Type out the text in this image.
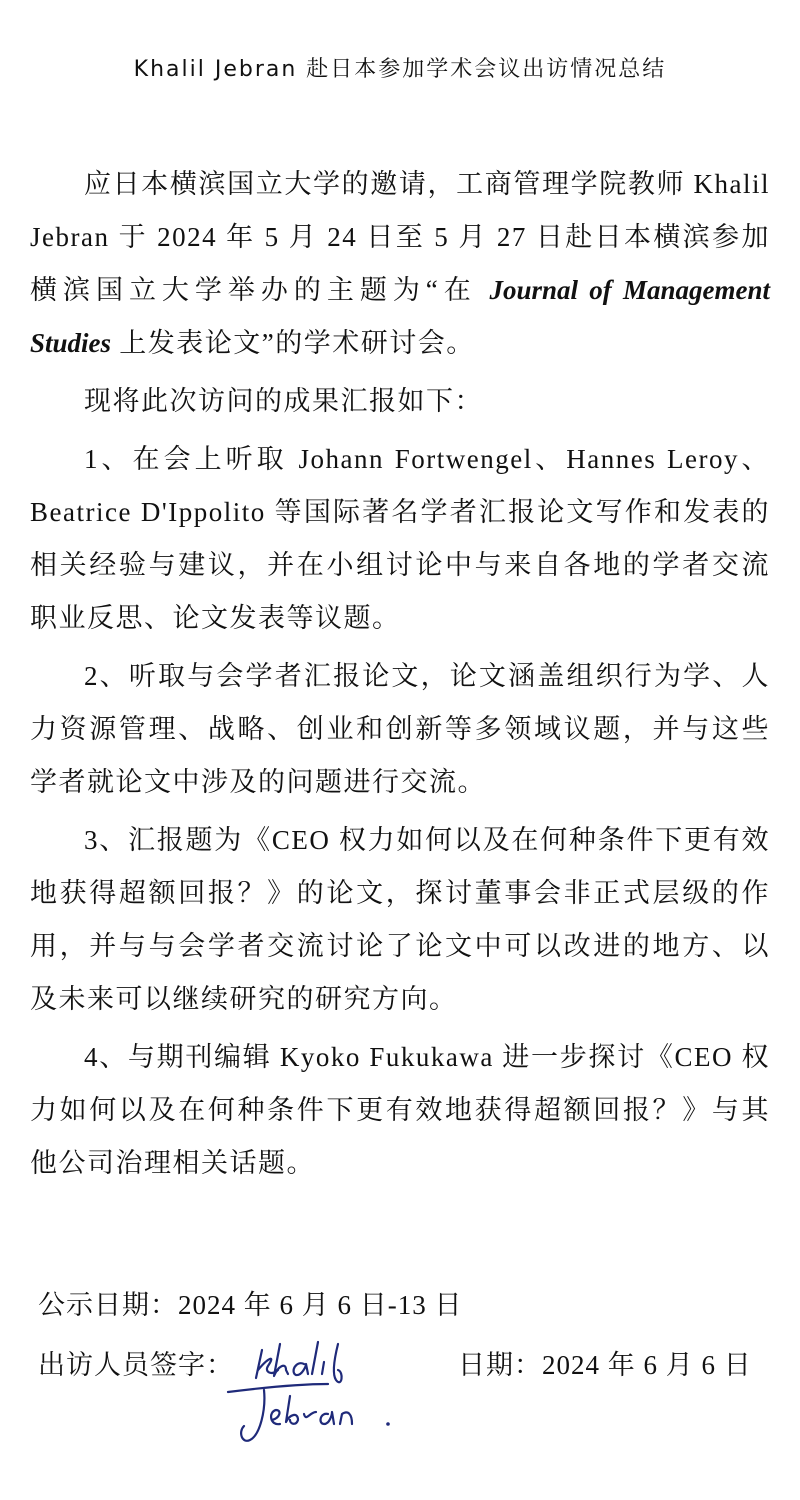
Khalil Jebran 赴日本参加学术会议出访情况总结

应日本横滨国立大学的邀请，工商管理学院教师 Khalil Jebran 于 2024 年 5 月 24 日至 5 月 27 日赴日本横滨参加横滨国立大学举办的主题为“在 Journal of Management Studies 上发表论文”的学术研讨会。

现将此次访问的成果汇报如下：

1、在会上听取 Johann Fortwengel、Hannes Leroy、Beatrice D'Ippolito 等国际著名学者汇报论文写作和发表的相关经验与建议，并在小组讨论中与来自各地的学者交流职业反思、论文发表等议题。

2、听取与会学者汇报论文，论文涵盖组织行为学、人力资源管理、战略、创业和创新等多领域议题，并与这些学者就论文中涉及的问题进行交流。

3、汇报题为《CEO 权力如何以及在何种条件下更有效地获得超额回报？》的论文，探讨董事会非正式层级的作用，并与与会学者交流讨论了论文中可以改进的地方、以及未来可以继续研究的研究方向。

4、与期刊编辑 Kyoko Fukukawa 进一步探讨《CEO 权力如何以及在何种条件下更有效地获得超额回报？》与其他公司治理相关话题。

公示日期：2024 年 6 月 6 日-13 日
出访人员签字：	日期：2024 年 6 月 6 日
